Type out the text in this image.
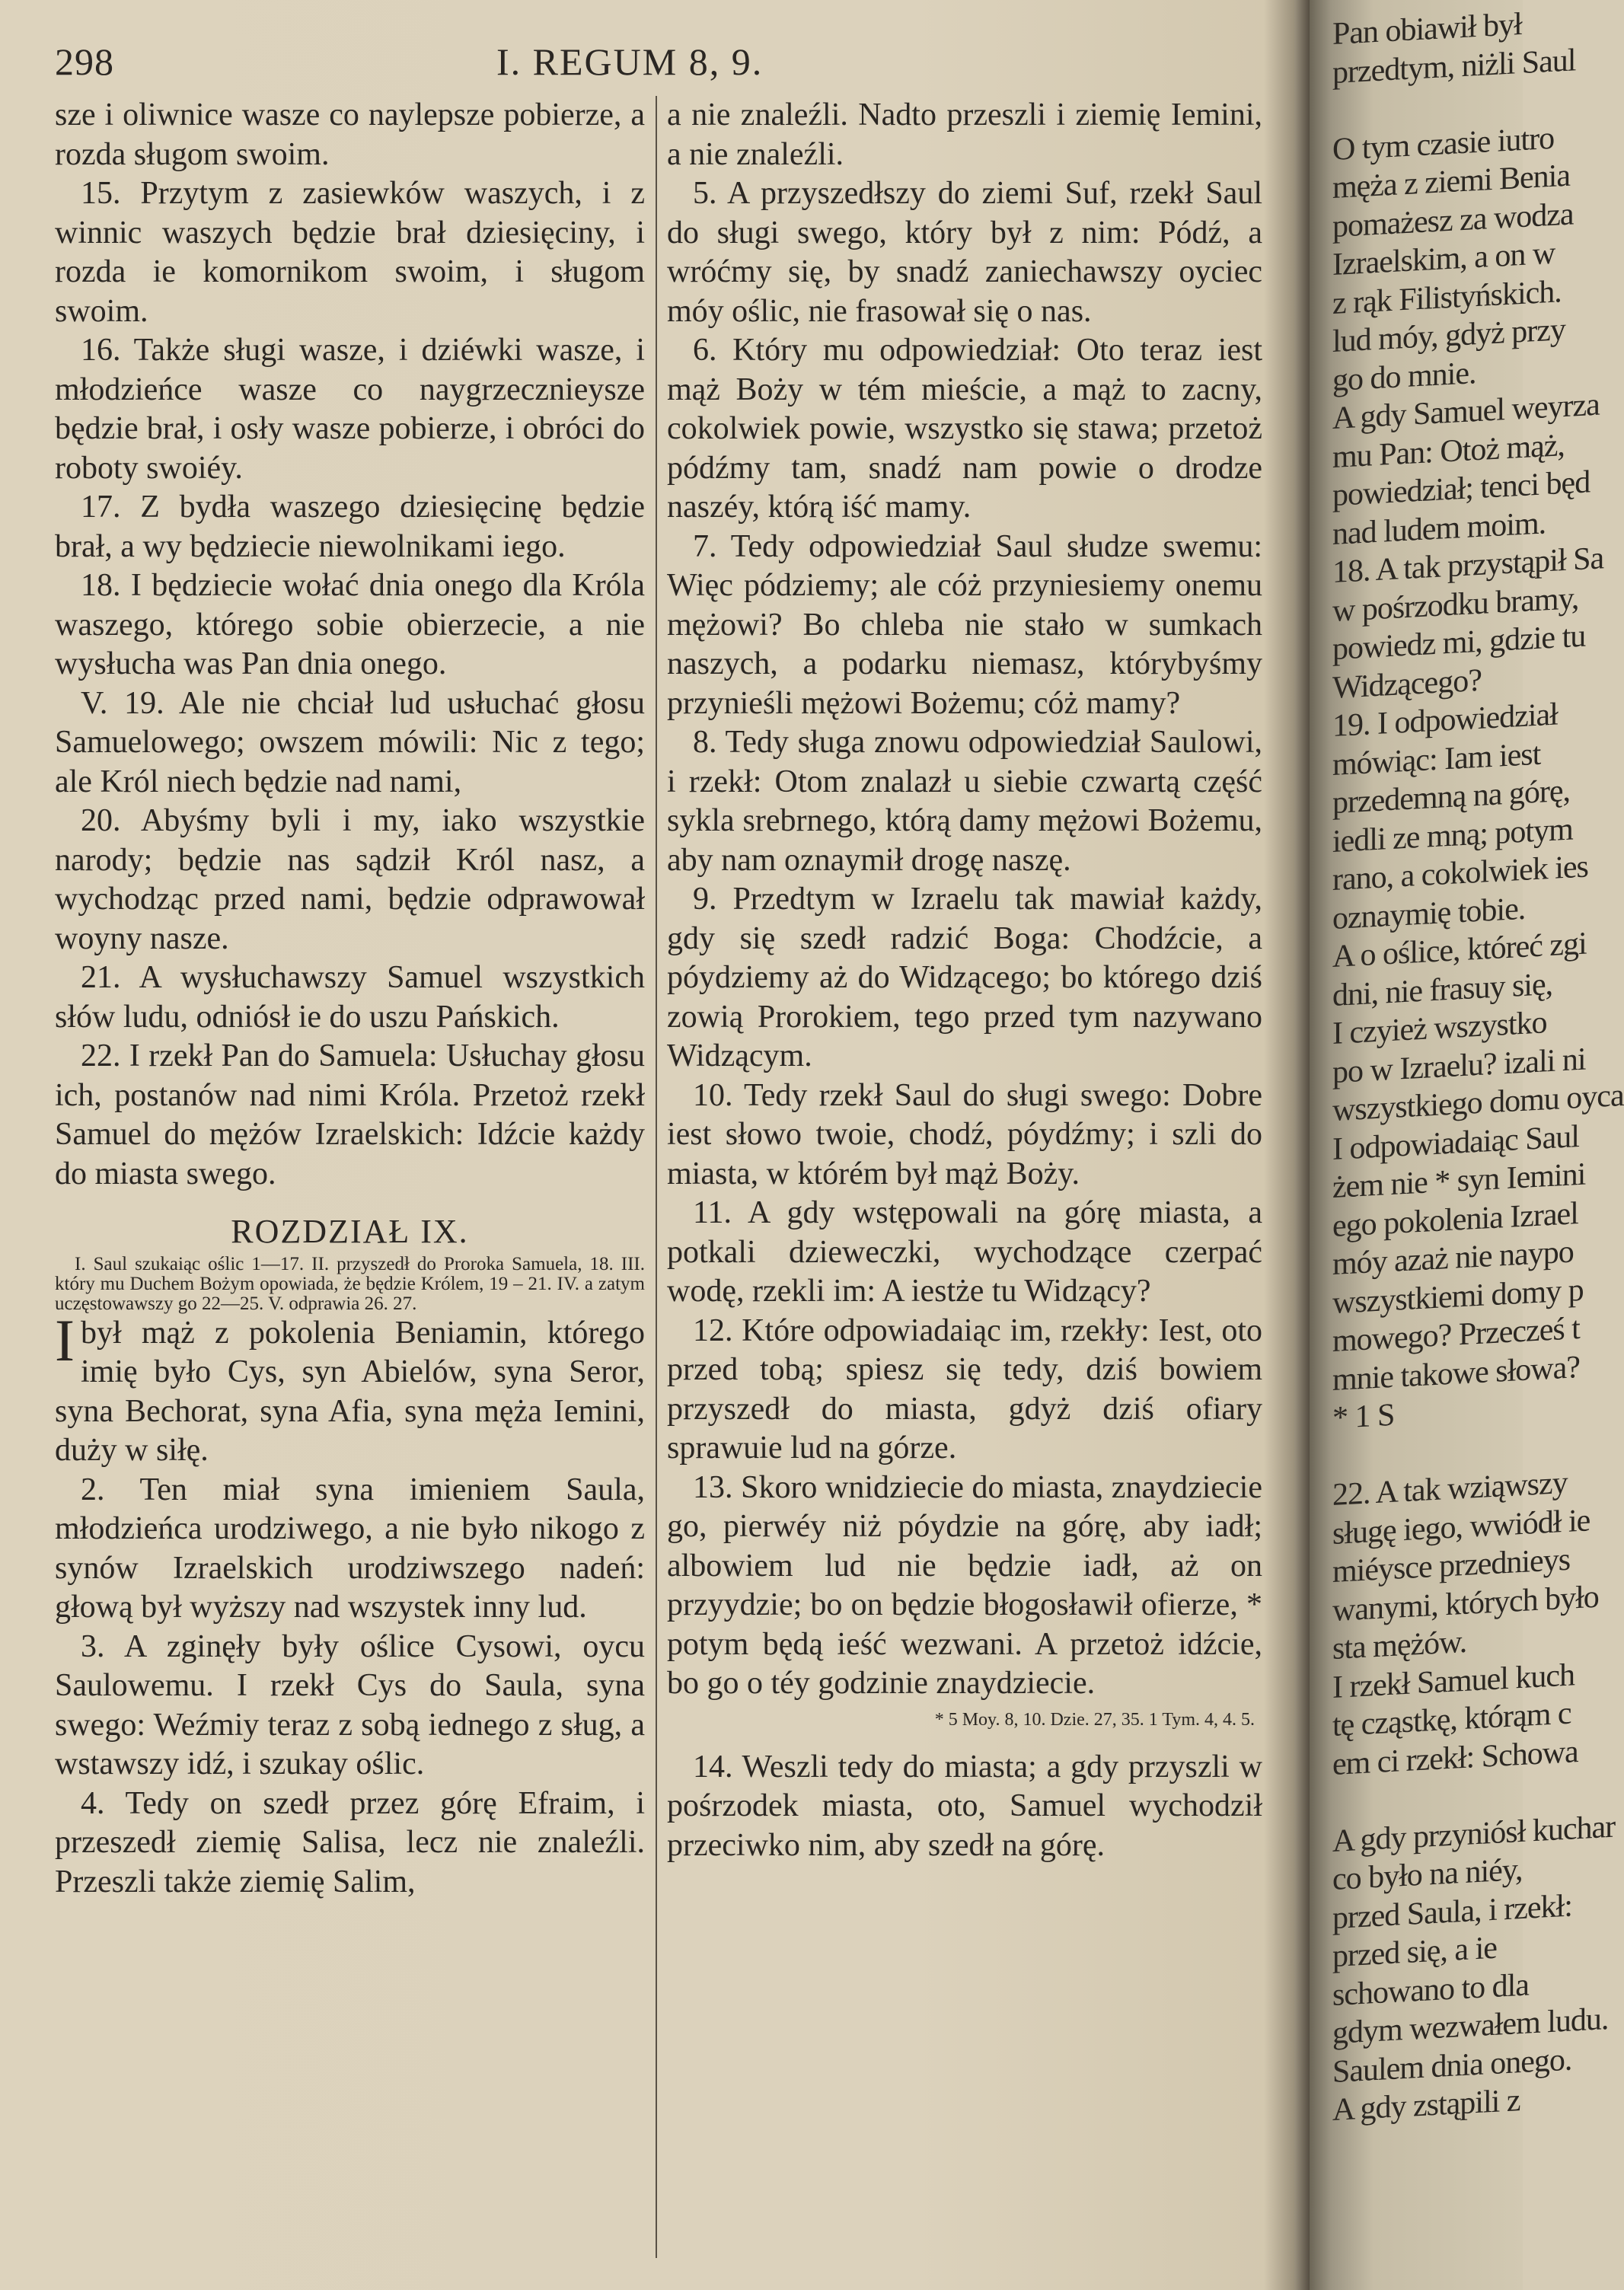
298	I. REGUM 8, 9.

sze i oliwnice wasze co naylepsze pobierze, a rozda sługom swoim.

15. Przytym z zasiewków waszych, i z winnic waszych będzie brał dziesięciny, i rozda ie komornikom swoim, i sługom swoim.

16. Także sługi wasze, i dziéwki wasze, i młodzieńce wasze co naygrzecznieysze będzie brał, i osły wasze pobierze, i obróci do roboty swoiéy.

17. Z bydła waszego dziesięcinę będzie brał, a wy będziecie niewolnikami iego.

18. I będziecie wołać dnia onego dla Króla waszego, którego sobie obierzecie, a nie wysłucha was Pan dnia onego.

V. 19. Ale nie chciał lud usłuchać głosu Samuelowego; owszem mówili: Nic z tego; ale Król niech będzie nad nami,

20. Abyśmy byli i my, iako wszystkie narody; będzie nas sądził Król nasz, a wychodząc przed nami, będzie odprawował woyny nasze.

21. A wysłuchawszy Samuel wszystkich słów ludu, odniósł ie do uszu Pańskich.

22. I rzekł Pan do Samuela: Usłuchay głosu ich, postanów nad nimi Króla. Przetoż rzekł Samuel do mężów Izraelskich: Idźcie każdy do miasta swego.

ROZDZIAŁ IX.

I. Saul szukaiąc oślic 1—17. II. przyszedł do Proroka Samuela, 18. III. który mu Duchem Bożym opowiada, że będzie Królem, 19 – 21. IV. a zatym uczęstowawszy go 22—25. V. odprawia 26. 27.

Ibył mąż z pokolenia Beniamin, którego imię było Cys, syn Abielów, syna Seror, syna Bechorat, syna Afia, syna męża Iemini, duży w siłę.

2. Ten miał syna imieniem Saula, młodzieńca urodziwego, a nie było nikogo z synów Izraelskich urodziwszego nadeń: głową był wyższy nad wszystek inny lud.

3. A zginęły były oślice Cysowi, oycu Saulowemu. I rzekł Cys do Saula, syna swego: Weźmiy teraz z sobą iednego z sług, a wstawszy idź, i szukay oślic.

4. Tedy on szedł przez górę Efraim, i przeszedł ziemię Salisa, lecz nie znaleźli. Przeszli także ziemię Salim,

a nie znaleźli. Nadto przeszli i ziemię Iemini, a nie znaleźli.

5. A przyszedłszy do ziemi Suf, rzekł Saul do sługi swego, który był z nim: Pódź, a wróćmy się, by snadź zaniechawszy oyciec móy oślic, nie frasował się o nas.

6. Który mu odpowiedział: Oto teraz iest mąż Boży w tém mieście, a mąż to zacny, cokolwiek powie, wszystko się stawa; przetoż pódźmy tam, snadź nam powie o drodze naszéy, którą iść mamy.

7. Tedy odpowiedział Saul słudze swemu: Więc pódziemy; ale cóż przyniesiemy onemu mężowi? Bo chleba nie stało w sumkach naszych, a podarku niemasz, którybyśmy przynieśli mężowi Bożemu; cóż mamy?

8. Tedy sługa znowu odpowiedział Saulowi, i rzekł: Otom znalazł u siebie czwartą część sykla srebrnego, którą damy mężowi Bożemu, aby nam oznaymił drogę naszę.

9. Przedtym w Izraelu tak mawiał każdy, gdy się szedł radzić Boga: Chodźcie, a póydziemy aż do Widzącego; bo którego dziś zowią Prorokiem, tego przed tym nazywano Widzącym.

10. Tedy rzekł Saul do sługi swego: Dobre iest słowo twoie, chodź, póydźmy; i szli do miasta, w którém był mąż Boży.

11. A gdy wstępowali na górę miasta, a potkali dzieweczki, wychodzące czerpać wodę, rzekli im: A iestże tu Widzący?

12. Które odpowiadaiąc im, rzekły: Iest, oto przed tobą; spiesz się tedy, dziś bowiem przyszedł do miasta, gdyż dziś ofiary sprawuie lud na górze.

13. Skoro wnidziecie do miasta, znaydziecie go, pierwéy niż póydzie na górę, aby iadł; albowiem lud nie będzie iadł, aż on przyydzie; bo on będzie błogosławił ofierze, * potym będą ieść wezwani. A przetoż idźcie, bo go o téy godzinie znaydziecie.

* 5 Moy. 8, 10. Dzie. 27, 35. 1 Tym. 4, 4. 5.

14. Weszli tedy do miasta; a gdy przyszli w pośrzodek miasta, oto, Samuel wychodził przeciwko nim, aby szedł na górę.

Pan obiawił był
przedtym, niżli Saul
O tym czasie iutro
męża z ziemi Benia
pomażesz za wodza
Izraelskim, a on w
z rąk Filistyńskich.
lud móy, gdyż przy
go do mnie.
A gdy Samuel weyrza
mu Pan: Otoż mąż,
powiedział; tenci będ
nad ludem moim.
18. A tak przystąpił Sa
w pośrzodku bramy,
powiedz mi, gdzie tu
Widzącego?
19. I odpowiedział
mówiąc: Iam iest
przedemną na górę,
iedli ze mną; potym
rano, a cokolwiek ies
oznaymię tobie.
A o oślice, któreć zgi
dni, nie frasuy się,
I czyież wszystko
po w Izraelu? izali ni
wszystkiego domu oyca
I odpowiadaiąc Saul
żem nie * syn Iemini
ego pokolenia Izrael
móy azaż nie naypo
wszystkiemi domy p
mowego? Przecześ t
mnie takowe słowa?
* 1 S
22. A tak wziąwszy
sługę iego, wwiódł ie
miéysce przednieys
wanymi, których było
sta mężów.
I rzekł Samuel kuch
tę cząstkę, którąm c
em ci rzekł: Schowa
A gdy przyniósł kuchar
co było na niéy,
przed Saula, i rzekł:
przed się, a ie
schowano to dla
gdym wezwałem ludu.
Saulem dnia onego.
A gdy zstąpili z
